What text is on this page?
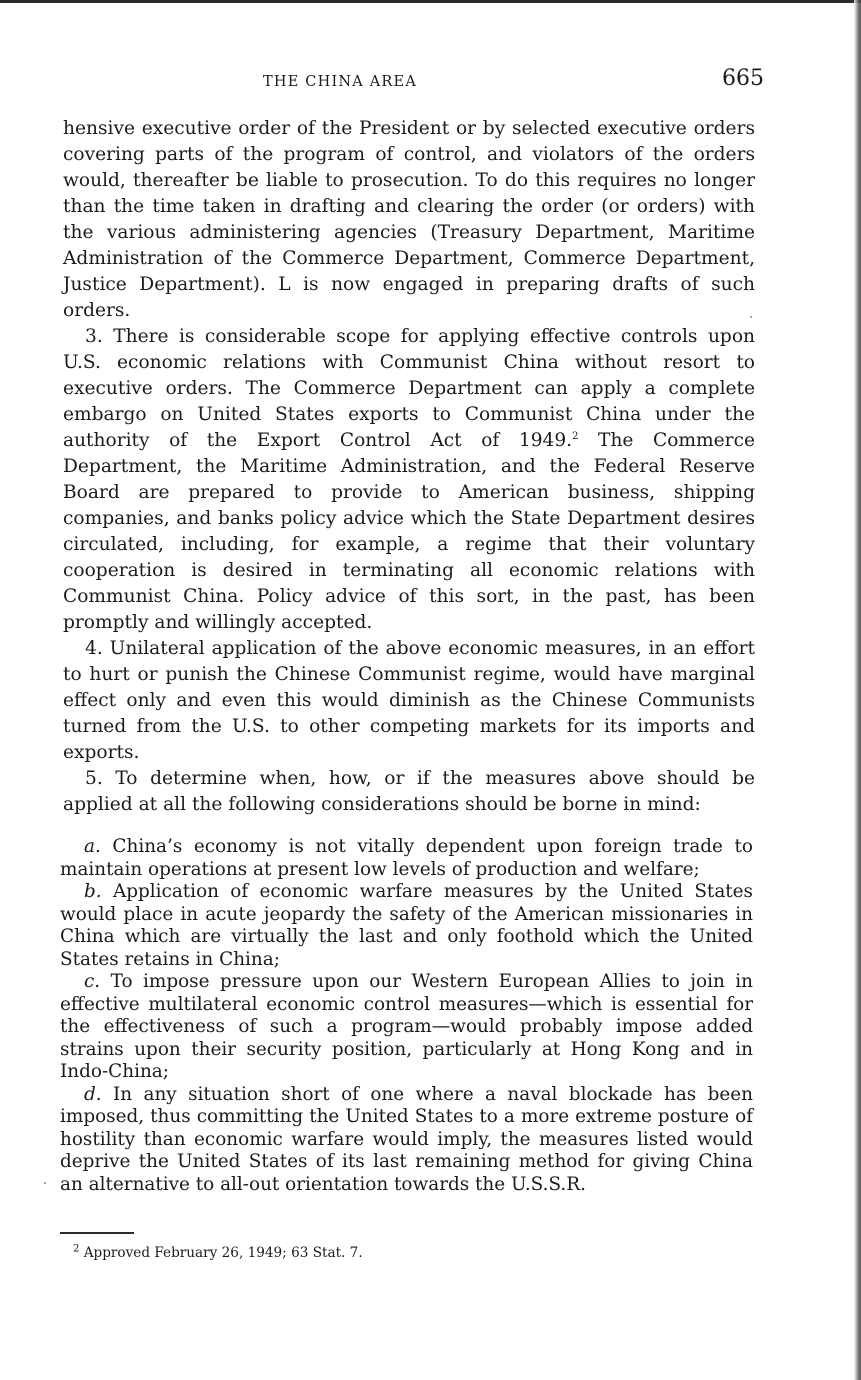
THE CHINA AREA	665

hensive executive order of the President or by selected executive orders covering parts of the program of control, and violators of the orders would, thereafter be liable to prosecution. To do this requires no longer than the time taken in drafting and clearing the order (or orders) with the various administering agencies (Treasury Department, Maritime Administration of the Commerce Department, Commerce Department, Justice Department). L is now engaged in preparing drafts of such orders.

3. There is considerable scope for applying effective controls upon U.S. economic relations with Communist China without resort to executive orders. The Commerce Department can apply a complete embargo on United States exports to Communist China under the authority of the Export Control Act of 1949.$^2$ The Commerce Department, the Maritime Administration, and the Federal Reserve Board are prepared to provide to American business, shipping companies, and banks policy advice which the State Department desires circulated, including, for example, a regime that their voluntary cooperation is desired in terminating all economic relations with Communist China. Policy advice of this sort, in the past, has been promptly and willingly accepted.

4. Unilateral application of the above economic measures, in an effort to hurt or punish the Chinese Communist regime, would have marginal effect only and even this would diminish as the Chinese Communists turned from the U.S. to other competing markets for its imports and exports.

5. To determine when, how, or if the measures above should be applied at all the following considerations should be borne in mind:

a. China’s economy is not vitally dependent upon foreign trade to maintain operations at present low levels of production and welfare;

b. Application of economic warfare measures by the United States would place in acute jeopardy the safety of the American missionaries in China which are virtually the last and only foothold which the United States retains in China;

c. To impose pressure upon our Western European Allies to join in effective multilateral economic control measures—which is essential for the effectiveness of such a program—would probably impose added strains upon their security position, particularly at Hong Kong and in Indo-China;

d. In any situation short of one where a naval blockade has been imposed, thus committing the United States to a more extreme posture of hostility than economic warfare would imply, the measures listed would deprive the United States of its last remaining method for giving China an alternative to all-out orientation towards the U.S.S.R.

$^2$ Approved February 26, 1949; 63 Stat. 7.
